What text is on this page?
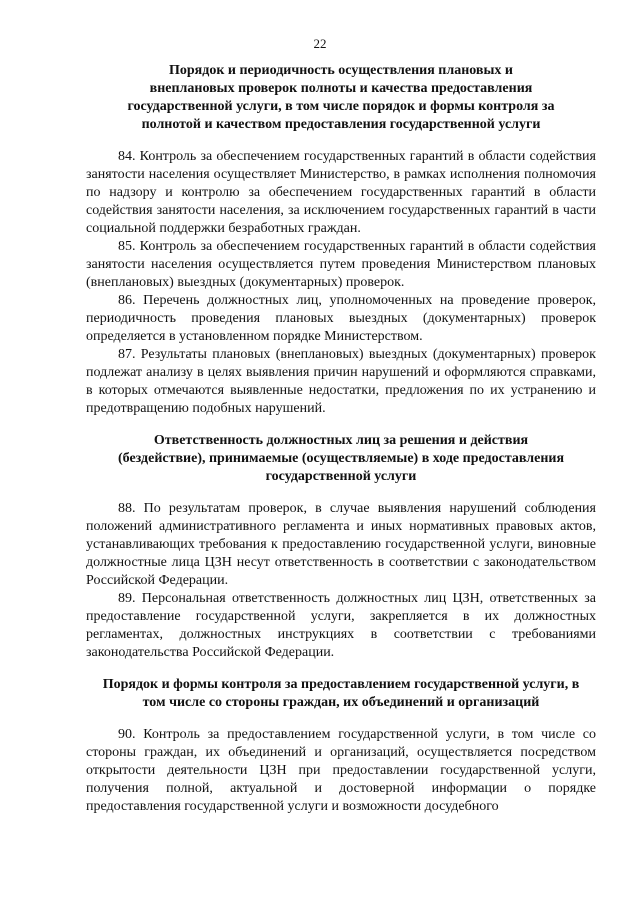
22
Порядок и периодичность осуществления плановых и
внеплановых проверок полноты и качества предоставления
государственной услуги, в том числе порядок и формы контроля за
полнотой и качеством предоставления государственной услуги

84. Контроль за обеспечением государственных гарантий в области содействия занятости населения осуществляет Министерство, в рамках исполнения полномочия по надзору и контролю за обеспечением государственных гарантий в области содействия занятости населения, за исключением государственных гарантий в части социальной поддержки безработных граждан.

85. Контроль за обеспечением государственных гарантий в области содействия занятости населения осуществляется путем проведения Министерством плановых (внеплановых) выездных (документарных) проверок.

86. Перечень должностных лиц, уполномоченных на проведение проверок, периодичность проведения плановых выездных (документарных) проверок определяется в установленном порядке Министерством.

87. Результаты плановых (внеплановых) выездных (документарных) проверок подлежат анализу в целях выявления причин нарушений и оформляются справками, в которых отмечаются выявленные недостатки, предложения по их устранению и предотвращению подобных нарушений.

Ответственность должностных лиц за решения и действия
(бездействие), принимаемые (осуществляемые) в ходе предоставления
государственной услуги

88. По результатам проверок, в случае выявления нарушений соблюдения положений административного регламента и иных нормативных правовых актов, устанавливающих требования к предоставлению государственной услуги, виновные должностные лица ЦЗН несут ответственность в соответствии с законодательством Российской Федерации.

89. Персональная ответственность должностных лиц ЦЗН, ответственных за предоставление государственной услуги, закрепляется в их должностных регламентах, должностных инструкциях в соответствии с требованиями законодательства Российской Федерации.

Порядок и формы контроля за предоставлением государственной услуги, в
том числе со стороны граждан, их объединений и организаций

90. Контроль за предоставлением государственной услуги, в том числе со стороны граждан, их объединений и организаций, осуществляется посредством открытости деятельности ЦЗН при предоставлении государственной услуги, получения полной, актуальной и достоверной информации о порядке предоставления государственной услуги и возможности досудебного
